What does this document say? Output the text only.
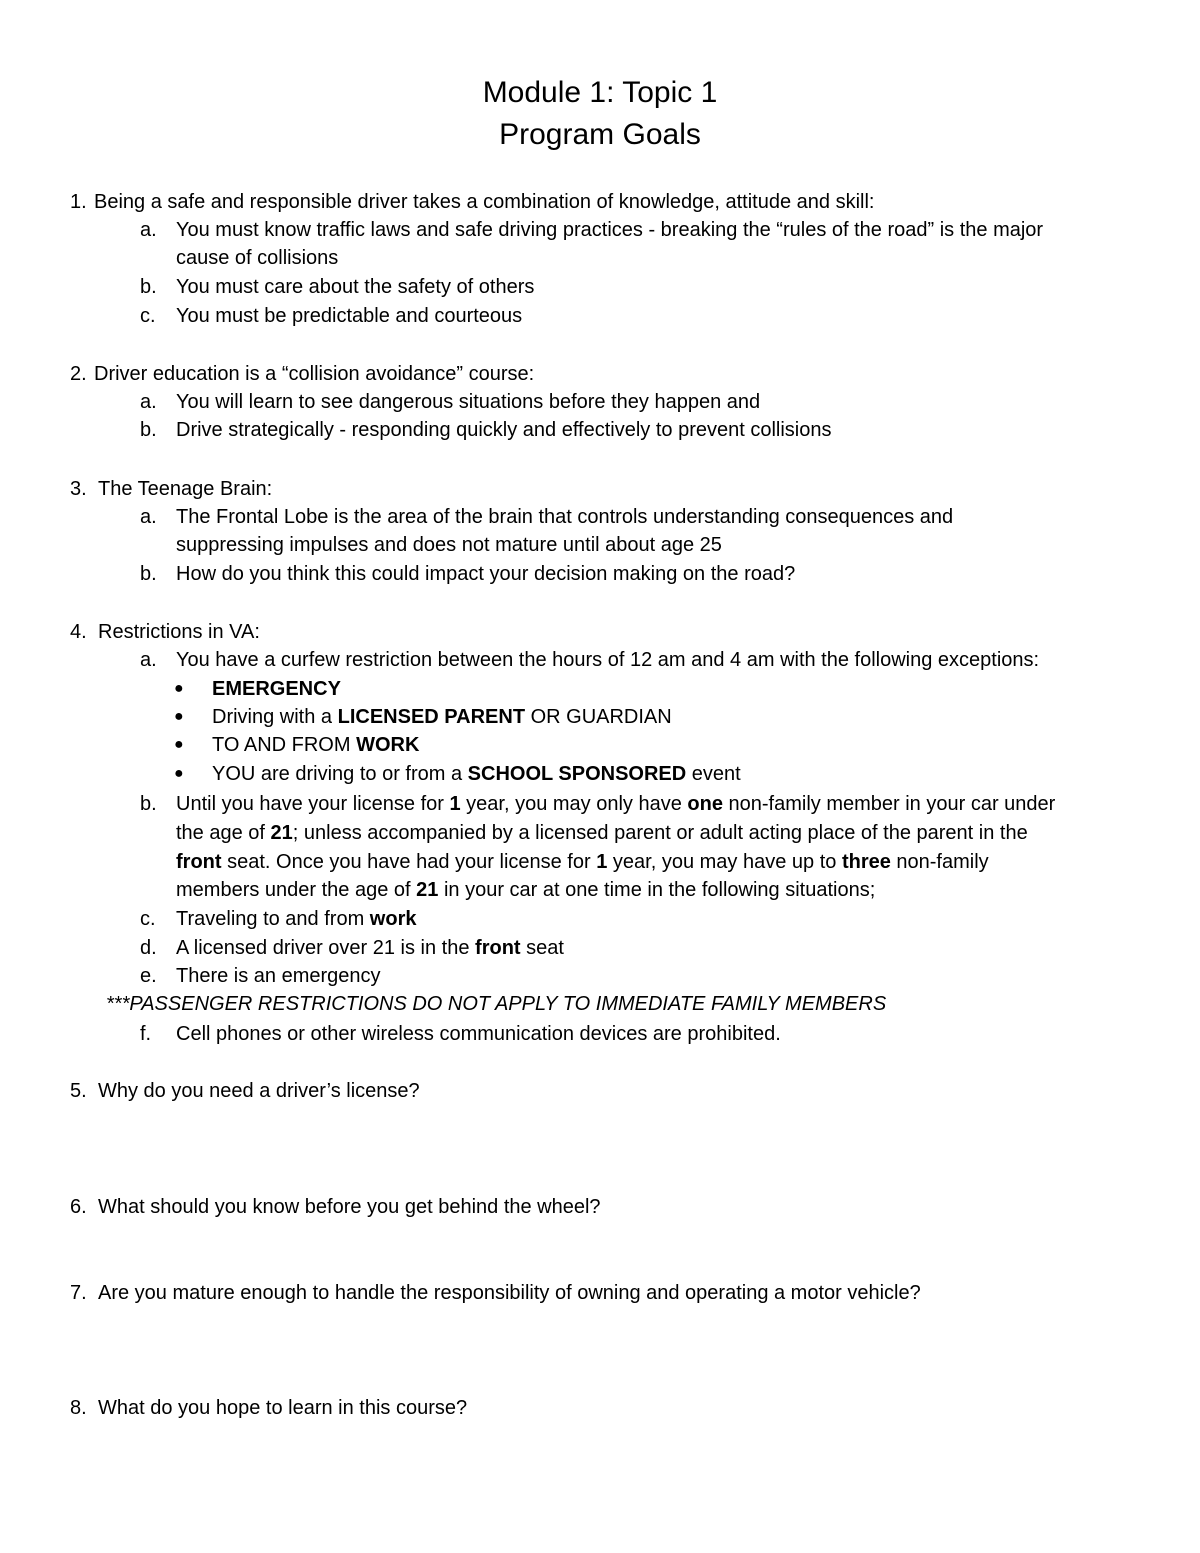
Module 1: Topic 1
Program Goals
1. Being a safe and responsible driver takes a combination of knowledge, attitude and skill:
a. You must know traffic laws and safe driving practices - breaking the “rules of the road” is the major
cause of collisions
b. You must care about the safety of others
c.	You must be predictable and courteous
2. Driver education is a “collision avoidance” course:
a. You will learn to see dangerous situations before they happen and
b. Drive strategically - responding quickly and effectively to prevent collisions
3. The Teenage Brain:
a. The Frontal Lobe is the area of the brain that controls understanding consequences and
suppressing impulses and does not mature until about age 25
b. How do you think this could impact your decision making on the road?
4. Restrictions in VA:
a. You have a curfew restriction between the hours of 12 am and 4 am with the following exceptions:
● EMERGENCY
● Driving with a LICENSED PARENT OR GUARDIAN
● TO AND FROM WORK
● YOU are driving to or from a SCHOOL SPONSORED event
b. Until you have your license for 1 year, you may only have one non-family member in your car under
the age of 21; unless accompanied by a licensed parent or adult acting place of the parent in the
front seat. Once you have had your license for 1 year, you may have up to three non-family
members under the age of 21 in your car at one time in the following situations;
c.	Traveling to and from work
d. A licensed driver over 21 is in the front seat
e. There is an emergency
***PASSENGER RESTRICTIONS DO NOT APPLY TO IMMEDIATE FAMILY MEMBERS
f.	Cell phones or other wireless communication devices are prohibited.
5. Why do you need a driver’s license?
6. What should you know before you get behind the wheel?
7. Are you mature enough to handle the responsibility of owning and operating a motor vehicle?
8. What do you hope to learn in this course?
